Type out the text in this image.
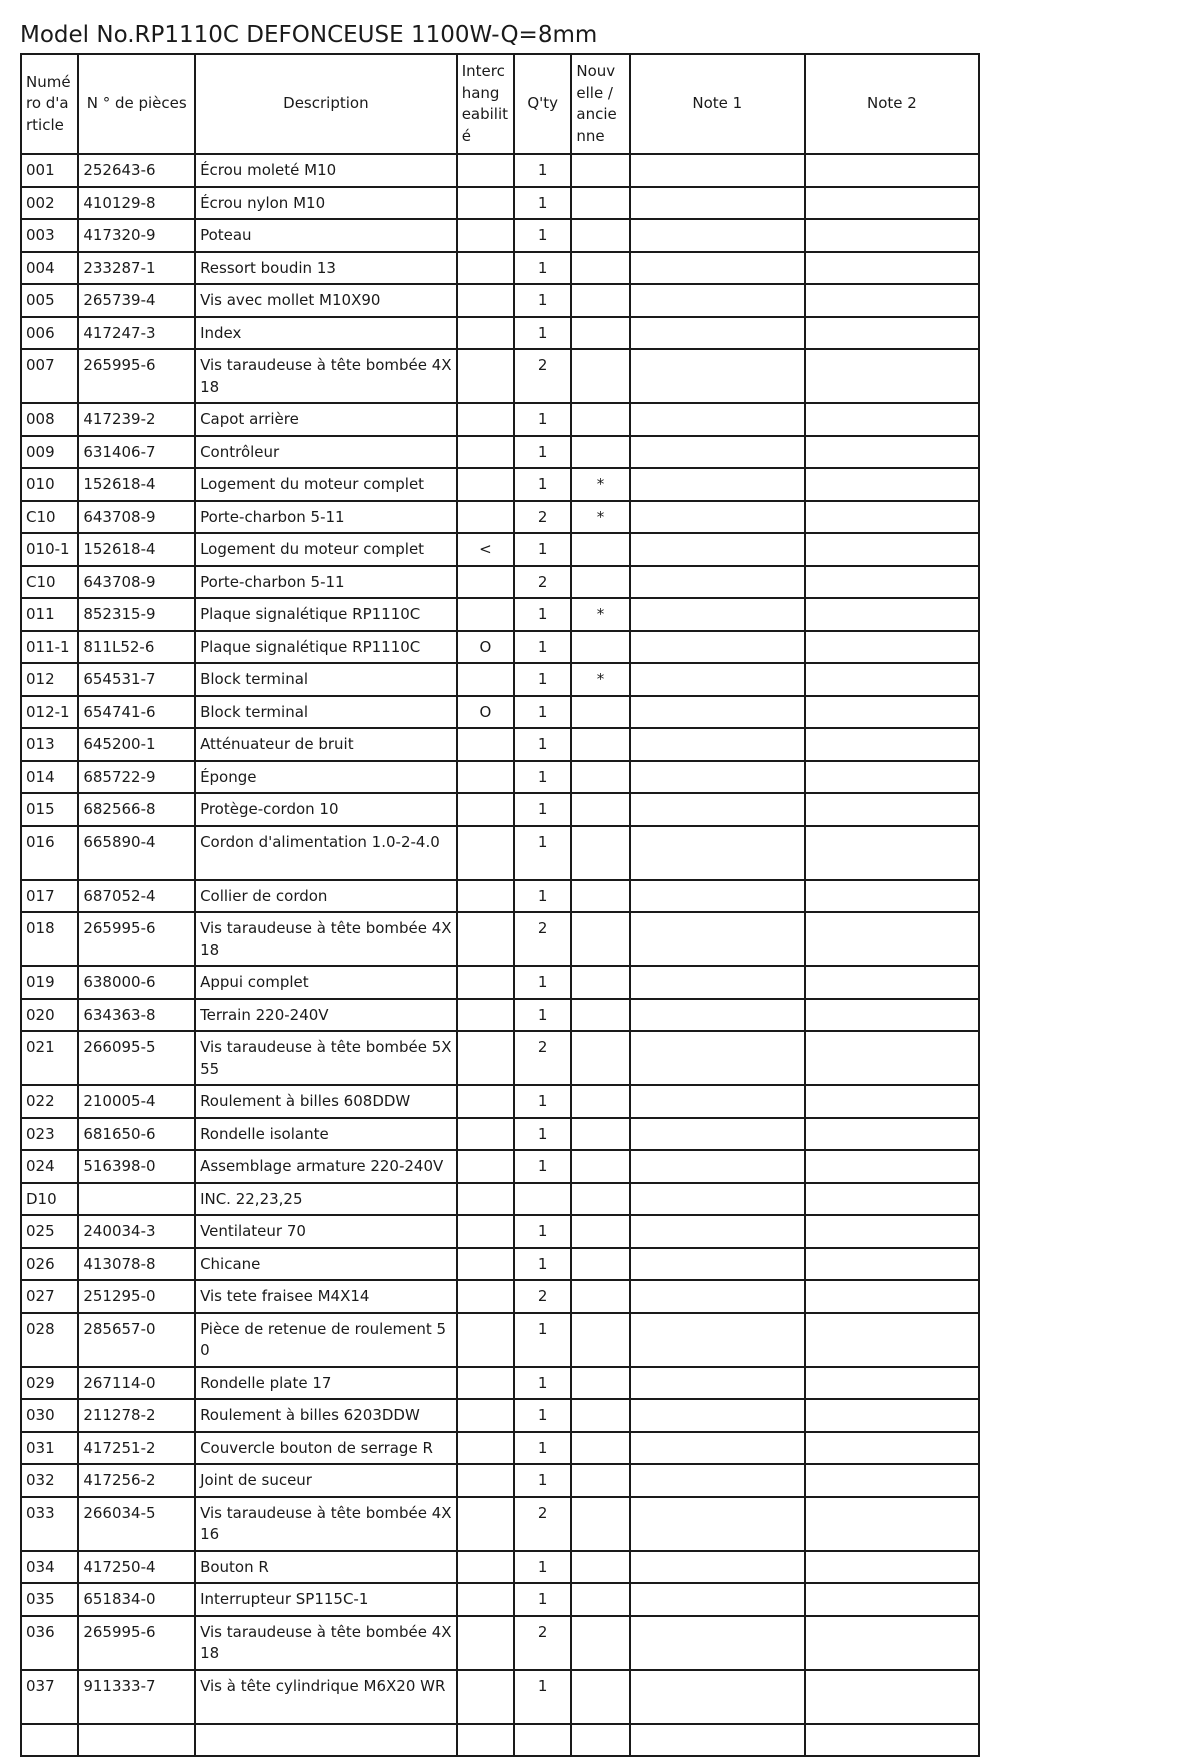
Model No.RP1110C DEFONCEUSE 1100W-Q=8mm
Numé ro d'a rticle	N ° de pièces	Description	Interc hang eabilit é	Q'ty	Nouv elle / ancie nne	Note 1	Note 2
001	252643-6	Écrou moleté M10		1			
002	410129-8	Écrou nylon M10		1			
003	417320-9	Poteau		1			
004	233287-1	Ressort boudin 13		1			
005	265739-4	Vis avec mollet M10X90		1			
006	417247-3	Index		1			
007	265995-6	Vis taraudeuse à tête bombée 4X 18		2			
008	417239-2	Capot arrière		1			
009	631406-7	Contrôleur		1			
010	152618-4	Logement du moteur complet		1	*		
C10	643708-9	Porte-charbon 5-11		2	*		
010-1	152618-4	Logement du moteur complet	<	1			
C10	643708-9	Porte-charbon 5-11		2			
011	852315-9	Plaque signalétique RP1110C		1	*		
011-1	811L52-6	Plaque signalétique RP1110C	O	1			
012	654531-7	Block terminal		1	*		
012-1	654741-6	Block terminal	O	1			
013	645200-1	Atténuateur de bruit		1			
014	685722-9	Éponge		1			
015	682566-8	Protège-cordon 10		1			
016	665890-4	Cordon d'alimentation 1.0-2-4.0		1			
017	687052-4	Collier de cordon		1			
018	265995-6	Vis taraudeuse à tête bombée 4X 18		2			
019	638000-6	Appui complet		1			
020	634363-8	Terrain 220-240V		1			
021	266095-5	Vis taraudeuse à tête bombée 5X 55		2			
022	210005-4	Roulement à billes 608DDW		1			
023	681650-6	Rondelle isolante		1			
024	516398-0	Assemblage armature 220-240V		1			
D10		INC. 22,23,25					
025	240034-3	Ventilateur 70		1			
026	413078-8	Chicane		1			
027	251295-0	Vis tete fraisee M4X14		2			
028	285657-0	Pièce de retenue de roulement 5 0		1			
029	267114-0	Rondelle plate 17		1			
030	211278-2	Roulement à billes 6203DDW		1			
031	417251-2	Couvercle bouton de serrage R		1			
032	417256-2	Joint de suceur		1			
033	266034-5	Vis taraudeuse à tête bombée 4X 16		2			
034	417250-4	Bouton R		1			
035	651834-0	Interrupteur SP115C-1		1			
036	265995-6	Vis taraudeuse à tête bombée 4X 18		2			
037	911333-7	Vis à tête cylindrique M6X20 WR		1			
